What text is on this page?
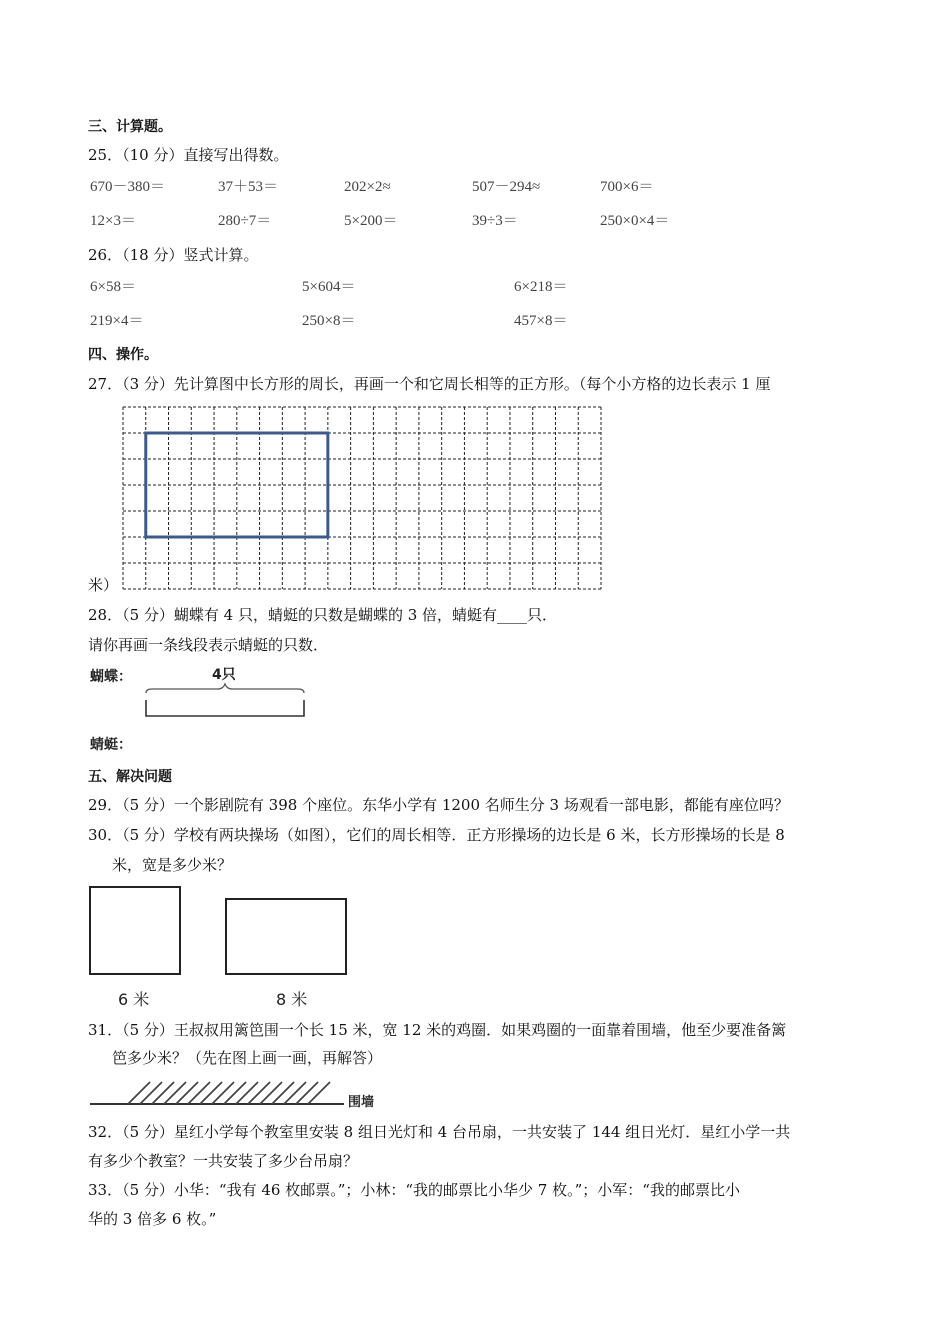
三、计算题。
25．（10 分）直接写出得数。
670－380＝	37＋53＝	202×2≈	507－294≈	700×6＝
12×3＝	280÷7＝	5×200＝	39÷3＝	250×0×4＝
26．（18 分）竖式计算。
6×58＝	5×604＝	6×218＝
219×4＝	250×8＝	457×8＝
四、操作。
27．（3 分）先计算图中长方形的周长，再画一个和它周长相等的正方形。（每个小方格的边长表示 1 厘
米）
28．（5 分）蝴蝶有 4 只，蜻蜓的只数是蝴蝶的 3 倍，蜻蜓有____只．
请你再画一条线段表示蜻蜓的只数．
蝴蝶：	4只
蜻蜓：
五、解决问题
29．（5 分）一个影剧院有 398 个座位。东华小学有 1200 名师生分 3 场观看一部电影，都能有座位吗？
30．（5 分）学校有两块操场（如图），它们的周长相等．正方形操场的边长是 6 米，长方形操场的长是 8
米，宽是多少米？
6 米	8 米
31．（5 分）王叔叔用篱笆围一个长 15 米，宽 12 米的鸡圈．如果鸡圈的一面靠着围墙，他至少要准备篱
笆多少米？（先在图上画一画，再解答）
围墙
32．（5 分）星红小学每个教室里安装 8 组日光灯和 4 台吊扇，一共安装了 144 组日光灯．星红小学一共
有多少个教室？一共安装了多少台吊扇？
33．（5 分）小华：“我有 46 枚邮票。”；小林：“我的邮票比小华少 7 枚。”；小军：“我的邮票比小
华的 3 倍多 6 枚。”
